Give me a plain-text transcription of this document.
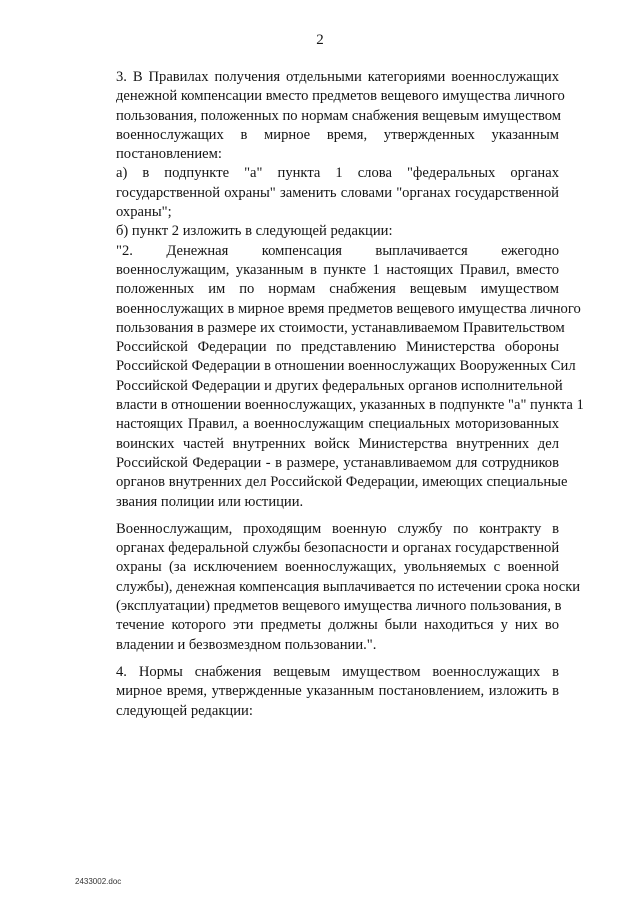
2
3. В Правилах получения отдельными категориями военнослужащих
денежной компенсации вместо предметов вещевого имущества личного
пользования, положенных по нормам снабжения вещевым имуществом
военнослужащих в мирное время, утвержденных указанным
постановлением:
а) в подпункте "а" пункта 1 слова "федеральных органах
государственной охраны" заменить словами "органах государственной
охраны";
б) пункт 2 изложить в следующей редакции:
"2. Денежная компенсация выплачивается ежегодно
военнослужащим, указанным в пункте 1 настоящих Правил, вместо
положенных им по нормам снабжения вещевым имуществом
военнослужащих в мирное время предметов вещевого имущества личного
пользования в размере их стоимости, устанавливаемом Правительством
Российской Федерации по представлению Министерства обороны
Российской Федерации в отношении военнослужащих Вооруженных Сил
Российской Федерации и других федеральных органов исполнительной
власти в отношении военнослужащих, указанных в подпункте "а" пункта 1
настоящих Правил, а военнослужащим специальных моторизованных
воинских частей внутренних войск Министерства внутренних дел
Российской Федерации - в размере, устанавливаемом для сотрудников
органов внутренних дел Российской Федерации, имеющих специальные
звания полиции или юстиции.
Военнослужащим, проходящим военную службу по контракту в
органах федеральной службы безопасности и органах государственной
охраны (за исключением военнослужащих, увольняемых с военной
службы), денежная компенсация выплачивается по истечении срока носки
(эксплуатации) предметов вещевого имущества личного пользования, в
течение которого эти предметы должны были находиться у них во
владении и безвозмездном пользовании.".
4. Нормы снабжения вещевым имуществом военнослужащих в
мирное время, утвержденные указанным постановлением, изложить в
следующей редакции:
2433002.doc
